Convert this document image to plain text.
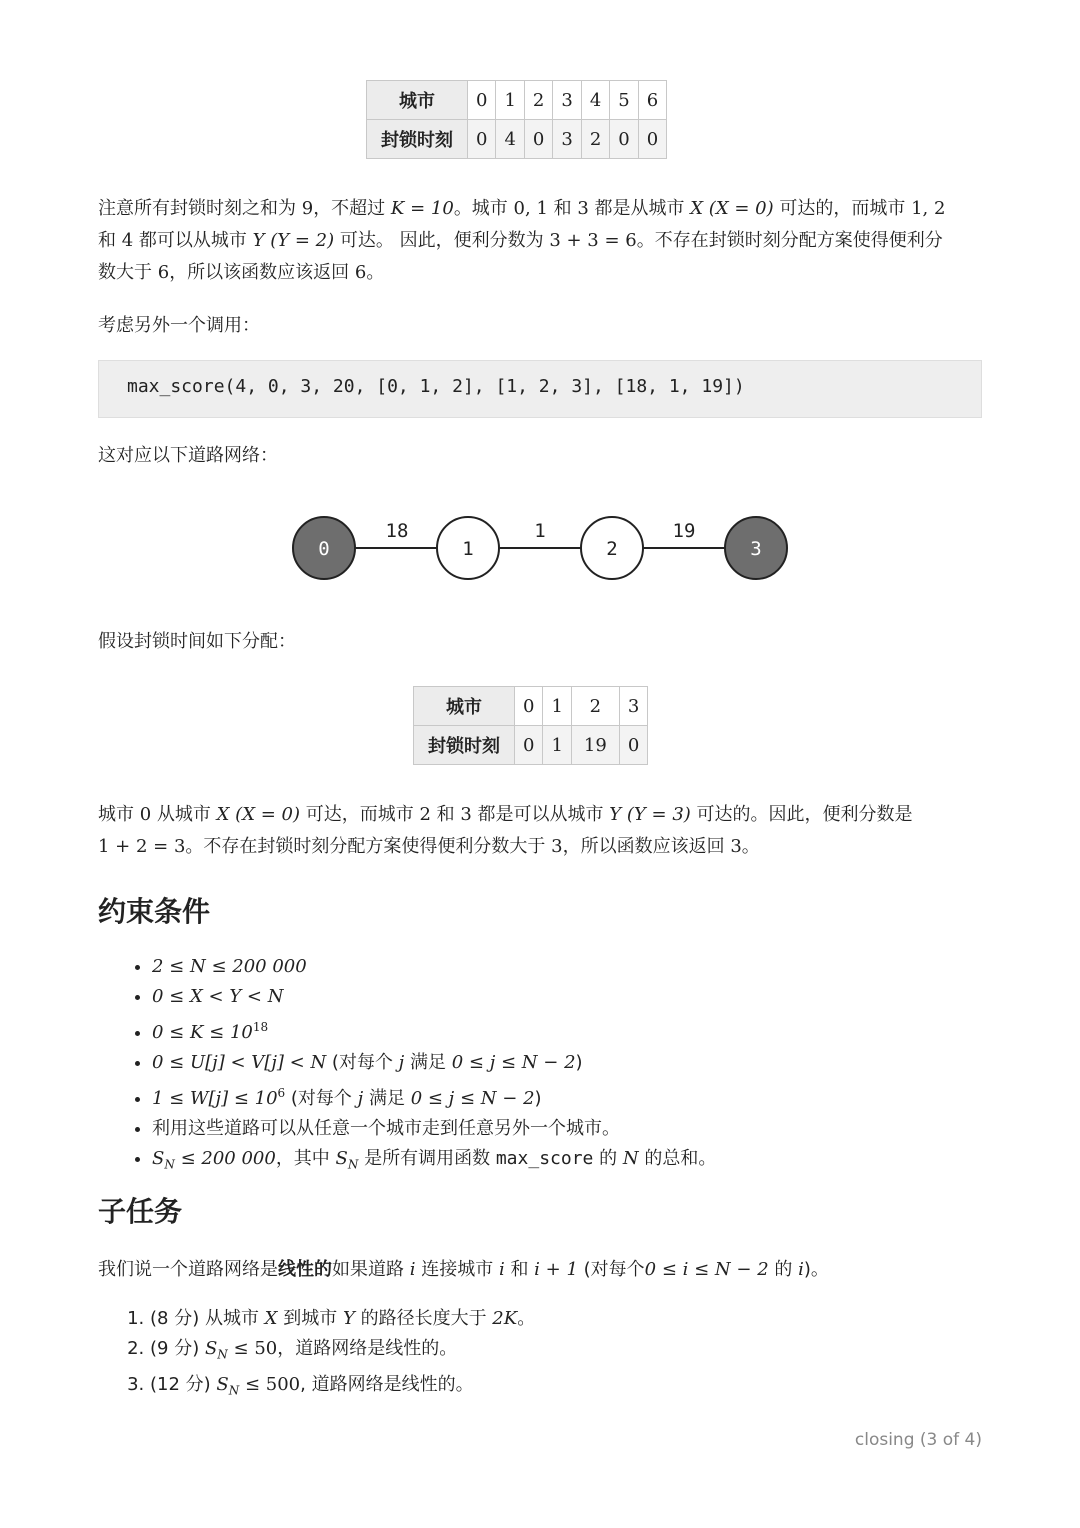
城市	0	1	2	3	4	5	6
封锁时刻	0	4	0	3	2	0	0
注意所有封锁时刻之和为 9，不超过 K = 10。城市 0, 1 和 3 都是从城市 X (X = 0) 可达的，而城市 1, 2
和 4 都可以从城市 Y (Y = 2) 可达。 因此，便利分数为 3 + 3 = 6。不存在封锁时刻分配方案使得便利分
数大于 6，所以该函数应该返回 6。
考虑另外一个调用：
max_score(4, 0, 3, 20, [0, 1, 2], [1, 2, 3], [18, 1, 19])
这对应以下道路网络：
18	1	19
0	1	2	3
假设封锁时间如下分配：
城市	0	1	2	3
封锁时刻	0	1	19	0
城市 0 从城市 X (X = 0) 可达，而城市 2 和 3 都是可以从城市 Y (Y = 3) 可达的。因此，便利分数是
1 + 2 = 3。不存在封锁时刻分配方案使得便利分数大于 3，所以函数应该返回 3。
约束条件
• 2 ≤ N ≤ 200 000
• 0 ≤ X < Y < N
• $0 \le K \le 10^{18}$
• 0 ≤ U[j] < V[j] < N (对每个 j 满足 0 ≤ j ≤ N − 2)
• $1 \le W[j] \le 10^6$ (对每个 j 满足 0 ≤ j ≤ N − 2)
• 利用这些道路可以从任意一个城市走到任意另外一个城市。
• $S_N \le 200$ 000，其中 $S_N$ 是所有调用函数 max_score 的 N 的总和。
子任务
我们说一个道路网络是线性的如果道路 i 连接城市 i 和 i + 1 (对每个0 ≤ i ≤ N − 2 的 i)。
1. (8 分) 从城市 X 到城市 Y 的路径长度大于 2K。
2. (9 分) $S_N \le 50$，道路网络是线性的。
3. (12 分) $S_N \le 500$, 道路网络是线性的。
closing (3 of 4)
